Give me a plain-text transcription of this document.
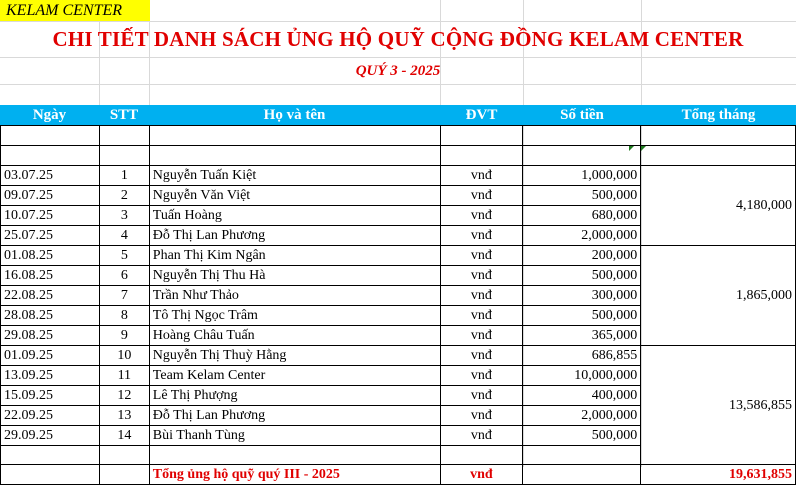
KELAM CENTER
CHI TIẾT DANH SÁCH ỦNG HỘ QUỸ CỘNG ĐỒNG KELAM CENTER
QUÝ 3 - 2025
Ngày	STT	Họ và tên	ĐVT	Số tiền	Tổng tháng

03.07.25	1	Nguyễn Tuấn Kiệt	vnđ	1,000,000	4,180,000
09.07.25	2	Nguyễn Văn Việt	vnđ	500,000	
10.07.25	3	Tuấn Hoàng	vnđ	680,000	
25.07.25	4	Đỗ Thị Lan Phương	vnđ	2,000,000	
01.08.25	5	Phan Thị Kim Ngân	vnđ	200,000	1,865,000
16.08.25	6	Nguyễn Thị Thu Hà	vnđ	500,000	
22.08.25	7	Trần Như Thảo	vnđ	300,000	
28.08.25	8	Tô Thị Ngọc Trâm	vnđ	500,000	
29.08.25	9	Hoàng Châu Tuấn	vnđ	365,000	
01.09.25	10	Nguyễn Thị Thuỳ Hằng	vnđ	686,855	13,586,855
13.09.25	11	Team Kelam Center	vnđ	10,000,000	
15.09.25	12	Lê Thị Phượng	vnđ	400,000	
22.09.25	13	Đỗ Thị Lan Phương	vnđ	2,000,000	
29.09.25	14	Bùi Thanh Tùng	vnđ	500,000	

		Tổng ủng hộ quỹ quý III - 2025	vnđ		19,631,855
